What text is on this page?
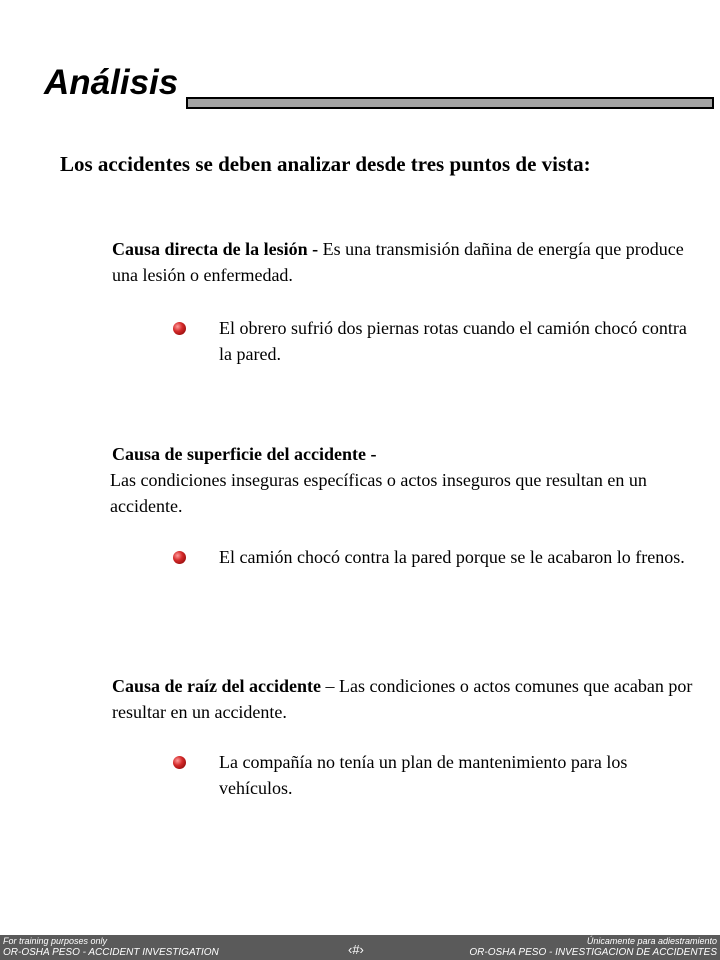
Análisis

Los accidentes se deben analizar desde tres puntos de vista:

Causa directa de la lesión - Es una transmisión dañina de energía que produce una lesión o enfermedad.

El obrero sufrió dos piernas rotas cuando el camión chocó contra la pared.

Causa de superficie del accidente -

Las condiciones inseguras específicas o actos inseguros que resultan en un accidente.

El camión chocó contra la pared porque se le acabaron lo frenos.

Causa de raíz del accidente – Las condiciones o actos comunes que acaban por resultar en un accidente.

La compañía no tenía un plan de mantenimiento para los vehículos.
For training purposes only
OR-OSHA PESO - ACCIDENT INVESTIGATION	‹#›
Únicamente para adiestramiento
OR-OSHA PESO - INVESTIGACION DE ACCIDENTES
